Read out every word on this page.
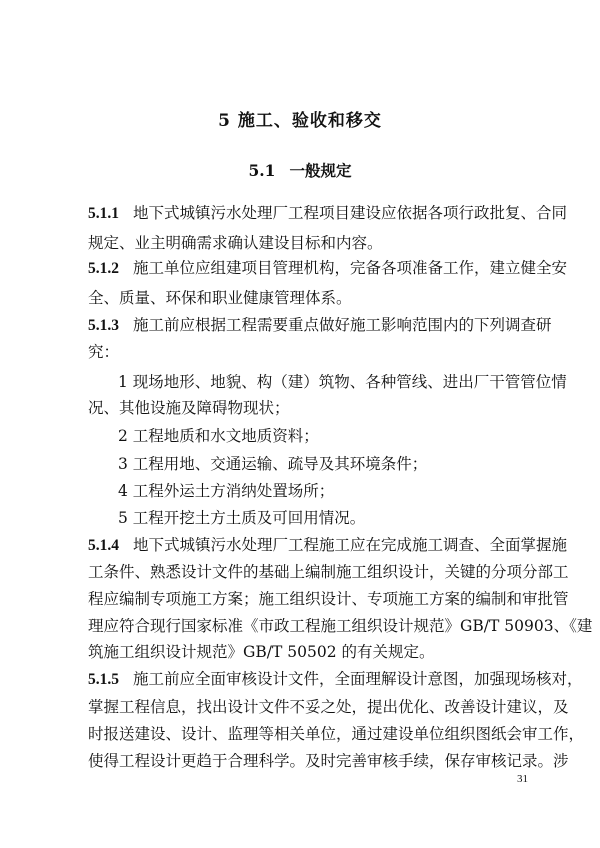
5 施工、验收和移交
5.1 一般规定
5.1.1 地下式城镇污水处理厂工程项目建设应依据各项行政批复、合同
规定、业主明确需求确认建设目标和内容。
5.1.2 施工单位应组建项目管理机构，完备各项准备工作，建立健全安
全、质量、环保和职业健康管理体系。
5.1.3 施工前应根据工程需要重点做好施工影响范围内的下列调查研
究：
1 现场地形、地貌、构（建）筑物、各种管线、进出厂干管管位情
况、其他设施及障碍物现状；
2 工程地质和水文地质资料；
3 工程用地、交通运输、疏导及其环境条件；
4 工程外运土方消纳处置场所；
5 工程开挖土方土质及可回用情况。
5.1.4 地下式城镇污水处理厂工程施工应在完成施工调查、全面掌握施
工条件、熟悉设计文件的基础上编制施工组织设计，关键的分项分部工
程应编制专项施工方案；施工组织设计、专项施工方案的编制和审批管
理应符合现行国家标准《市政工程施工组织设计规范》GB/T 50903、《建
筑施工组织设计规范》GB/T 50502 的有关规定。
5.1.5 施工前应全面审核设计文件，全面理解设计意图，加强现场核对，
掌握工程信息，找出设计文件不妥之处，提出优化、改善设计建议，及
时报送建设、设计、监理等相关单位，通过建设单位组织图纸会审工作，
使得工程设计更趋于合理科学。及时完善审核手续，保存审核记录。涉
31
